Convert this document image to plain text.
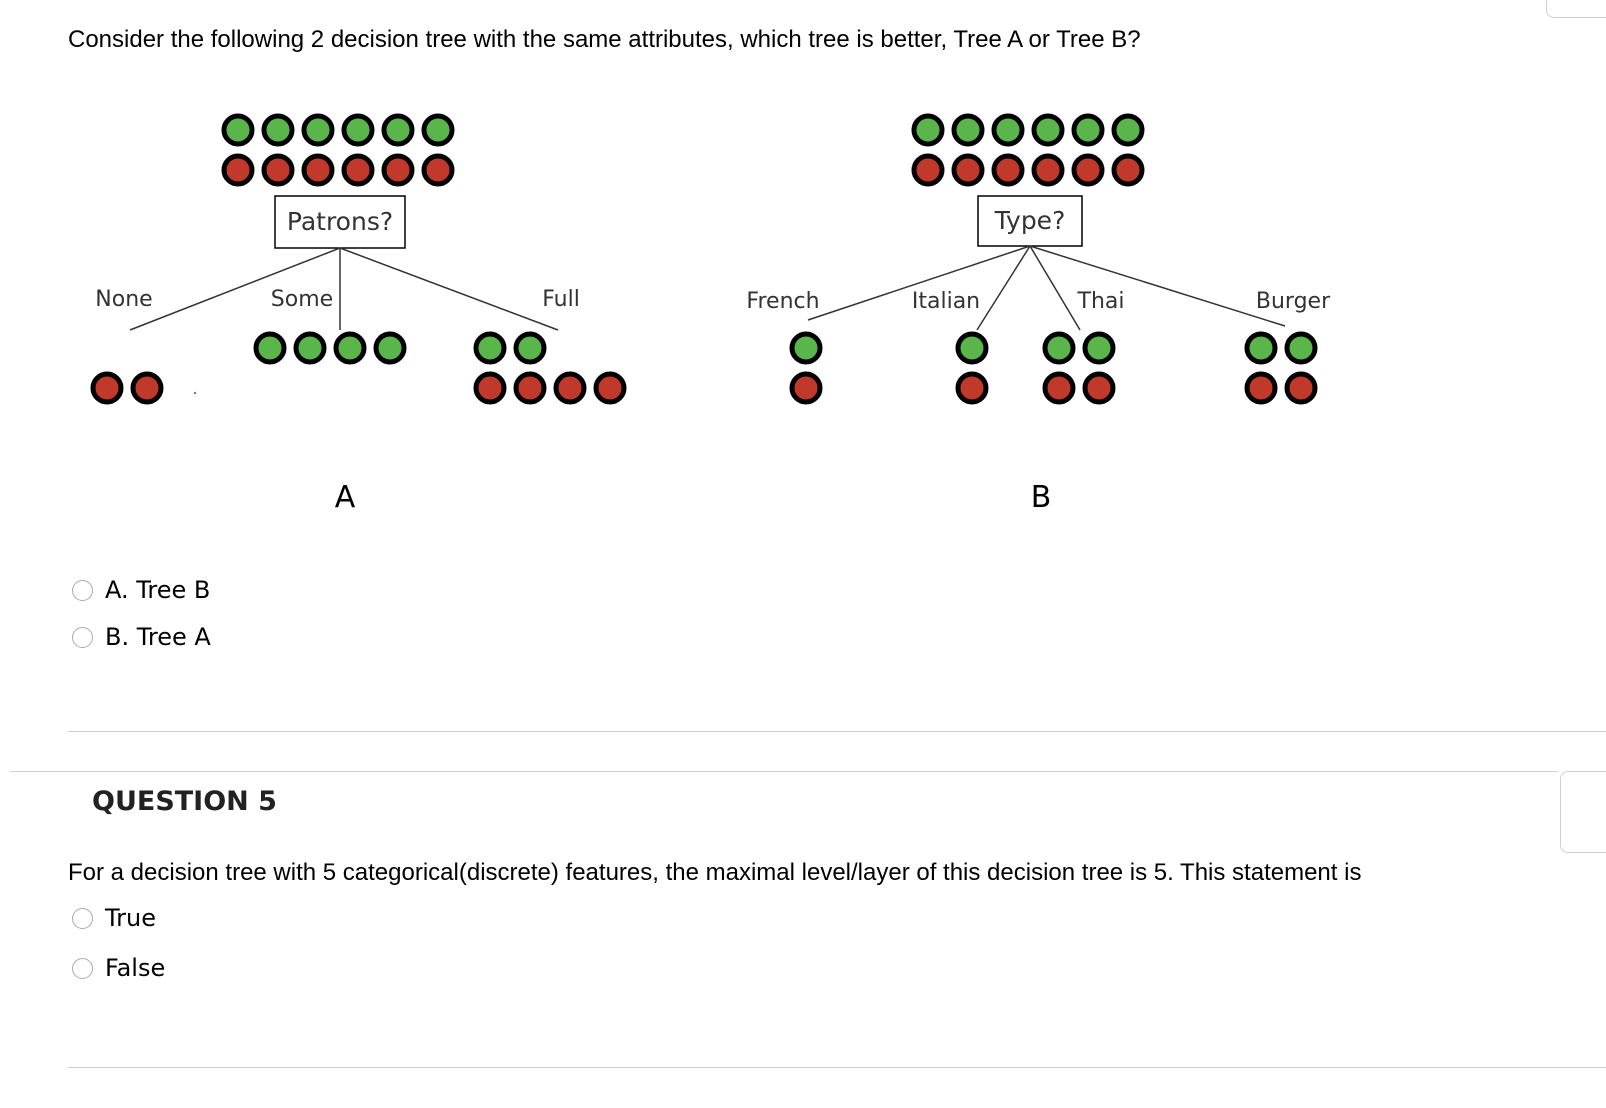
Consider the following 2 decision tree with the same attributes, which tree is better, Tree A or Tree B?
Patrons?
None	Some	Full
A
Type?
French	Italian	Thai	Burger
B
A. Tree B
B. Tree A
QUESTION 5
For a decision tree with 5 categorical(discrete) features, the maximal level/layer of this decision tree is 5. This statement is
True
False
